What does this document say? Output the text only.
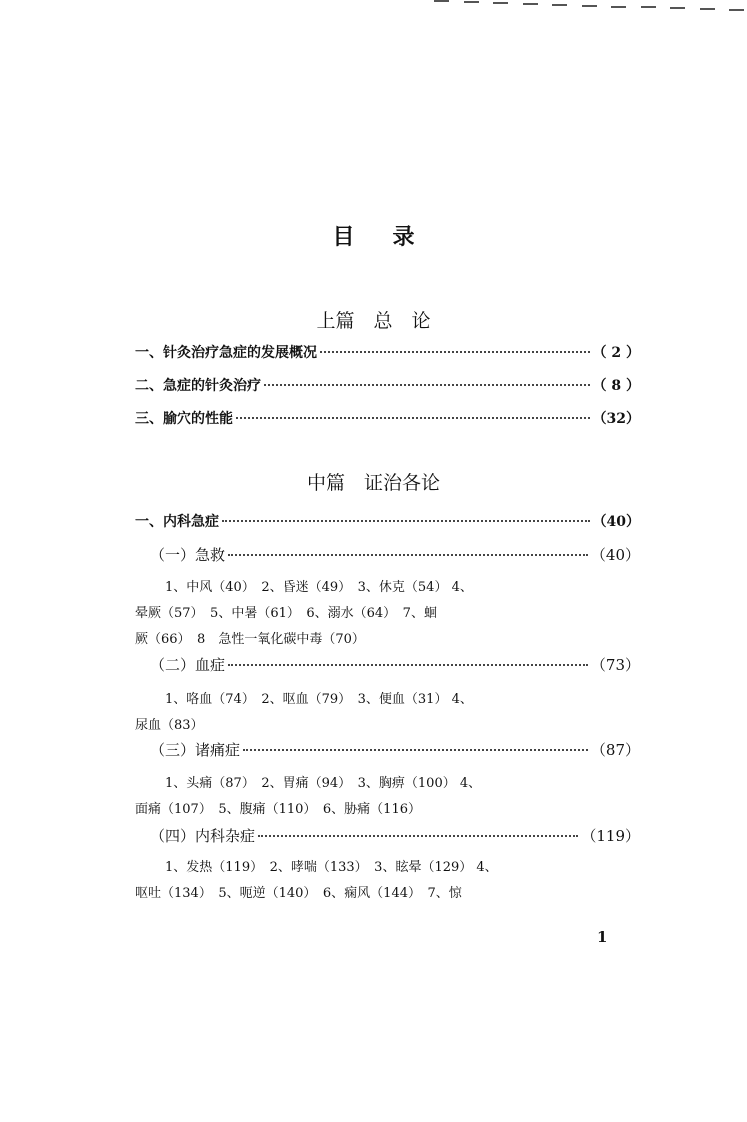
目录
上篇　总　论
一、针灸治疗急症的发展概况	（ 2 ）
二、急症的针灸治疗	（ 8 ）
三、腧穴的性能	（32）
中篇　证治各论
一、内科急症	（40）
（一）急救	（40）
1、中风（40）　2、昏迷（49）　3、休克（54） 4、
晕厥（57）　5、中暑（61）　6、溺水（64）　7、蛔
厥（66）　8　急性一氧化碳中毒（70）
（二）血症	（73）
1、咯血（74）　2、呕血（79）　3、便血（31） 4、
尿血（83）
（三）诸痛症	（87）
1、头痛（87）　2、胃痛（94）　3、胸痹（100） 4、
面痛（107）　5、腹痛（110）　6、胁痛（116）
（四）内科杂症	（119）
1、发热（119）　2、哮喘（133）　3、眩晕（129） 4、
呕吐（134）　5、呃逆（140）　6、痫风（144）　7、惊
1
